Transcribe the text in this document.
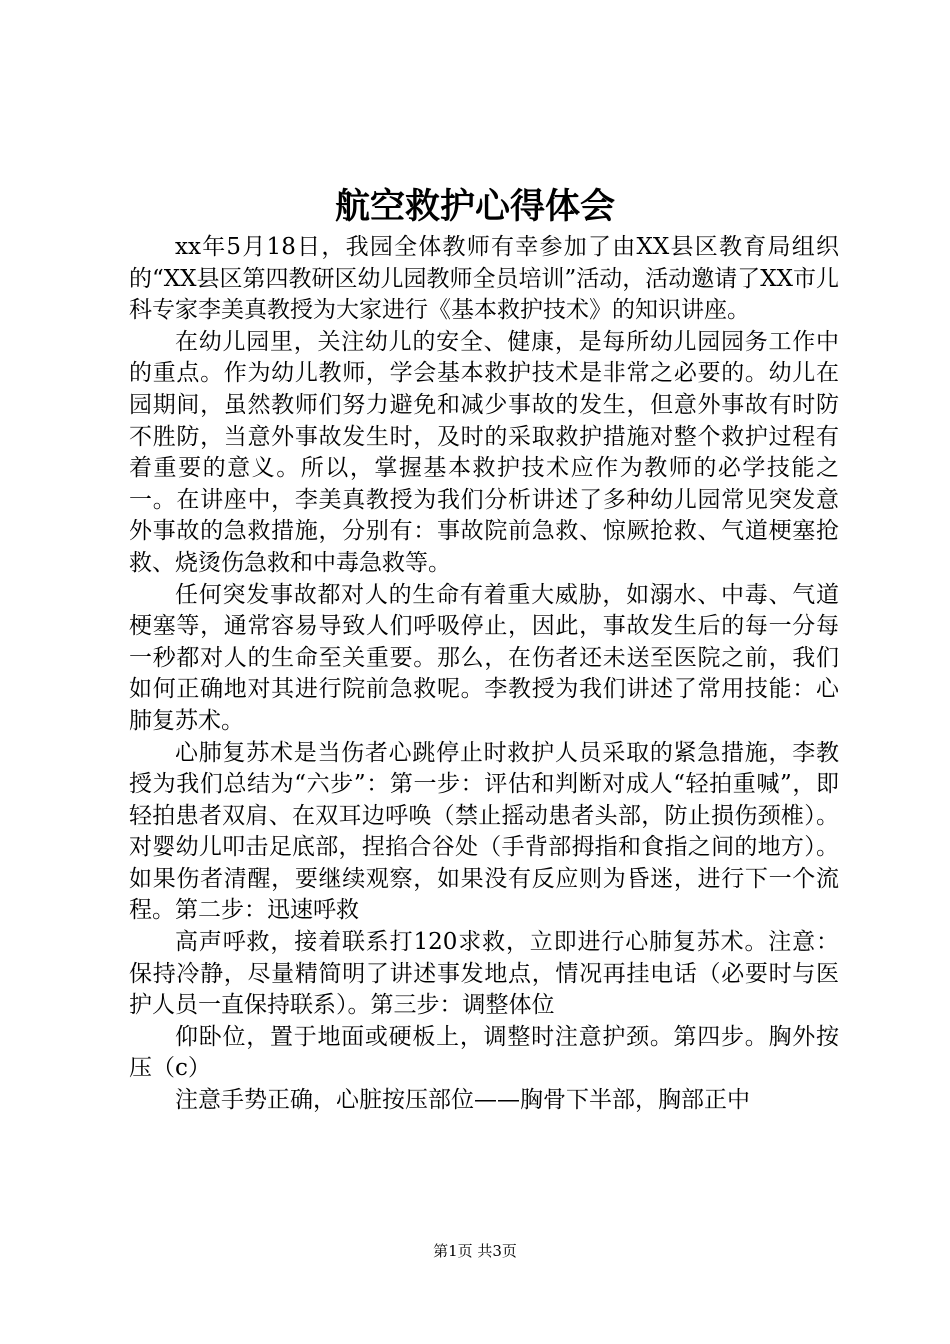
航空救护心得体会

xx年5月18日，我园全体教师有幸参加了由XX县区教育局组织的“XX县区第四教研区幼儿园教师全员培训”活动，活动邀请了XX市儿科专家李美真教授为大家进行《基本救护技术》的知识讲座。

在幼儿园里，关注幼儿的安全、健康，是每所幼儿园园务工作中的重点。作为幼儿教师，学会基本救护技术是非常之必要的。幼儿在园期间，虽然教师们努力避免和减少事故的发生，但意外事故有时防不胜防，当意外事故发生时，及时的采取救护措施对整个救护过程有着重要的意义。所以，掌握基本救护技术应作为教师的必学技能之一。在讲座中，李美真教授为我们分析讲述了多种幼儿园常见突发意外事故的急救措施，分别有：事故院前急救、惊厥抢救、气道梗塞抢救、烧烫伤急救和中毒急救等。

任何突发事故都对人的生命有着重大威胁，如溺水、中毒、气道梗塞等，通常容易导致人们呼吸停止，因此，事故发生后的每一分每一秒都对人的生命至关重要。那么，在伤者还未送至医院之前，我们如何正确地对其进行院前急救呢。李教授为我们讲述了常用技能：心肺复苏术。

心肺复苏术是当伤者心跳停止时救护人员采取的紧急措施，李教授为我们总结为“六步”：第一步：评估和判断对成人“轻拍重喊”，即轻拍患者双肩、在双耳边呼唤（禁止摇动患者头部，防止损伤颈椎）。对婴幼儿叩击足底部，捏掐合谷处（手背部拇指和食指之间的地方）。如果伤者清醒，要继续观察，如果没有反应则为昏迷，进行下一个流程。第二步：迅速呼救

高声呼救，接着联系打120求救，立即进行心肺复苏术。注意：保持冷静，尽量精简明了讲述事发地点，情况再挂电话（必要时与医护人员一直保持联系）。第三步：调整体位

仰卧位，置于地面或硬板上，调整时注意护颈。第四步。胸外按压（c）

注意手势正确，心脏按压部位——胸骨下半部，胸部正中

第1页 共3页
